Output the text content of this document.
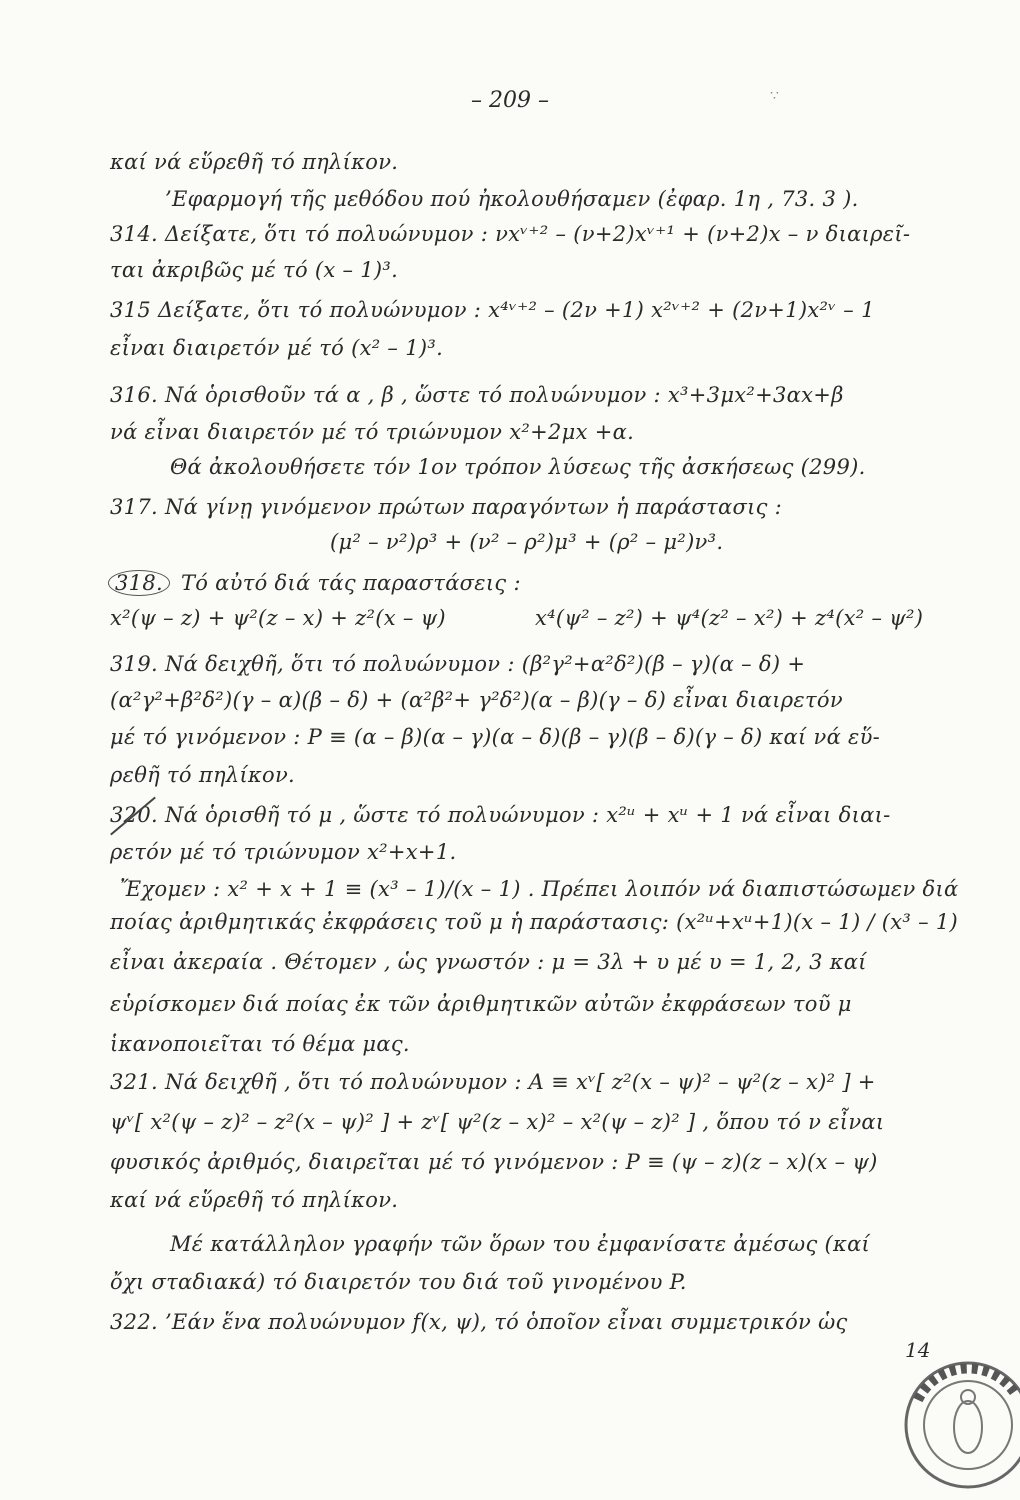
– 209 –	∵
καί νά εὕρεθῆ τό πηλίκον.
’Εφαρμογή τῆς μεθόδου πού ἠκολουθήσαμεν (ἐφαρ. 1η , 73. 3 ).
314. Δείξατε, ὅτι τό πολυώνυμον : νxᵛ⁺² – (ν+2)xᵛ⁺¹ + (ν+2)x – ν διαιρεῖ-
ται ἀκριβῶς μέ τό (x – 1)³.
315 Δείξατε, ὅτι τό πολυώνυμον : x⁴ᵛ⁺² – (2ν +1) x²ᵛ⁺² + (2ν+1)x²ᵛ – 1
εἶναι διαιρετόν μέ τό (x² – 1)³.
316. Νά ὁρισθοῦν τά α , β , ὥστε τό πολυώνυμον : x³+3μx²+3αx+β
νά εἶναι διαιρετόν μέ τό τριώνυμον x²+2μx +α.
Θά ἀκολουθήσετε τόν 1ον τρόπον λύσεως τῆς ἀσκήσεως (299).
317. Νά γίνῃ γινόμενον πρώτων παραγόντων ἡ παράστασις :
(μ² – ν²)ρ³ + (ν² – ρ²)μ³ + (ρ² – μ²)ν³.
318. Τό αὐτό διά τάς παραστάσεις :
x²(ψ – z) + ψ²(z – x) + z²(x – ψ)	x⁴(ψ² – z²) + ψ⁴(z² – x²) + z⁴(x² – ψ²)
319. Νά δειχθῆ, ὅτι τό πολυώνυμον : (β²γ²+α²δ²)(β – γ)(α – δ) +
(α²γ²+β²δ²)(γ – α)(β – δ) + (α²β²+ γ²δ²)(α – β)(γ – δ) εἶναι διαιρετόν
μέ τό γινόμενον : P ≡ (α – β)(α – γ)(α – δ)(β – γ)(β – δ)(γ – δ) καί νά εὕ-
ρεθῆ τό πηλίκον.
320. Νά ὁρισθῆ τό μ , ὥστε τό πολυώνυμον : x²ᵘ + xᵘ + 1 νά εἶναι διαι-
ρετόν μέ τό τριώνυμον x²+x+1.
Ἔχομεν : x² + x + 1 ≡ (x³ – 1)/(x – 1) . Πρέπει λοιπόν νά διαπιστώσωμεν διά
ποίας ἀριθμητικάς ἐκφράσεις τοῦ μ ἡ παράστασις: (x²ᵘ+xᵘ+1)(x – 1) / (x³ – 1)
εἶναι ἀκεραία . Θέτομεν , ὡς γνωστόν : μ = 3λ + υ μέ υ = 1, 2, 3 καί
εὑρίσκομεν διά ποίας ἐκ τῶν ἀριθμητικῶν αὐτῶν ἐκφράσεων τοῦ μ
ἱκανοποιεῖται τό θέμα μας.
321. Νά δειχθῆ , ὅτι τό πολυώνυμον : A ≡ xᵛ[ z²(x – ψ)² – ψ²(z – x)² ] +
ψᵛ[ x²(ψ – z)² – z²(x – ψ)² ] + zᵛ[ ψ²(z – x)² – x²(ψ – z)² ] , ὅπου τό ν εἶναι
φυσικός ἀριθμός, διαιρεῖται μέ τό γινόμενον : P ≡ (ψ – z)(z – x)(x – ψ)
καί νά εὕρεθῆ τό πηλίκον.
Μέ κατάλληλον γραφήν τῶν ὅρων του ἐμφανίσατε ἀμέσως (καί
ὄχι σταδιακά) τό διαιρετόν του διά τοῦ γινομένου P.
322. ’Εάν ἕνα πολυώνυμον f(x, ψ), τό ὁποῖον εἶναι συμμετρικόν ὡς
14
